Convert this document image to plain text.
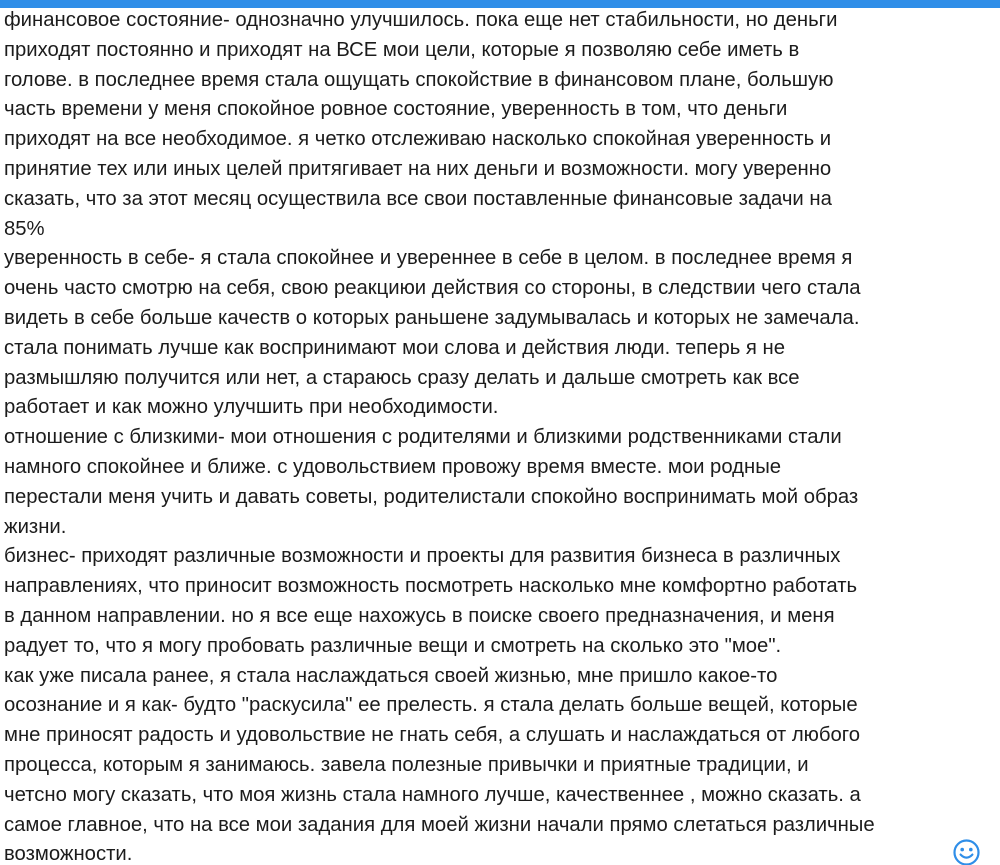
финансовое состояние- однозначно улучшилось. пока еще нет стабильности, но деньги
приходят постоянно и приходят на ВСЕ мои цели, которые я позволяю себе иметь в
голове. в последнее время стала ощущать спокойствие в финансовом плане, большую
часть времени у меня спокойное ровное состояние, уверенность в том, что деньги
приходят на все необходимое. я четко отслеживаю насколько спокойная уверенность и
принятие тех или иных целей притягивает на них деньги и возможности. могу уверенно
сказать, что за этот месяц осуществила все свои поставленные финансовые задачи на
85%
уверенность в себе- я стала спокойнее и увереннее в себе в целом. в последнее время я
очень часто смотрю на себя, свою реакциюи действия со стороны, в следствии чего стала
видеть в себе больше качеств о которых раньшене задумывалась и которых не замечала.
стала понимать лучше как воспринимают мои слова и действия люди. теперь я не
размышляю получится или нет, а стараюсь сразу делать и дальше смотреть как все
работает и как можно улучшить при необходимости.
отношение с близкими- мои отношения с родителями и близкими родственниками стали
намного спокойнее и ближе. с удовольствием провожу время вместе. мои родные
перестали меня учить и давать советы, родителистали спокойно воспринимать мой образ
жизни.
бизнес- приходят различные возможности и проекты для развития бизнеса в различных
направлениях, что приносит возможность посмотреть насколько мне комфортно работать
в данном направлении. но я все еще нахожусь в поиске своего предназначения, и меня
радует то, что я могу пробовать различные вещи и смотреть на сколько это "мое".
как уже писала ранее, я стала наслаждаться своей жизнью, мне пришло какое-то
осознание и я как- будто "раскусила" ее прелесть. я стала делать больше вещей, которые
мне приносят радость и удовольствие не гнать себя, а слушать и наслаждаться от любого
процесса, которым я занимаюсь. завела полезные привычки и приятные традиции, и
четсно могу сказать, что моя жизнь стала намного лучше, качественнее , можно сказать. а
самое главное, что на все мои задания для моей жизни начали прямо слетаться различные
возможности.
